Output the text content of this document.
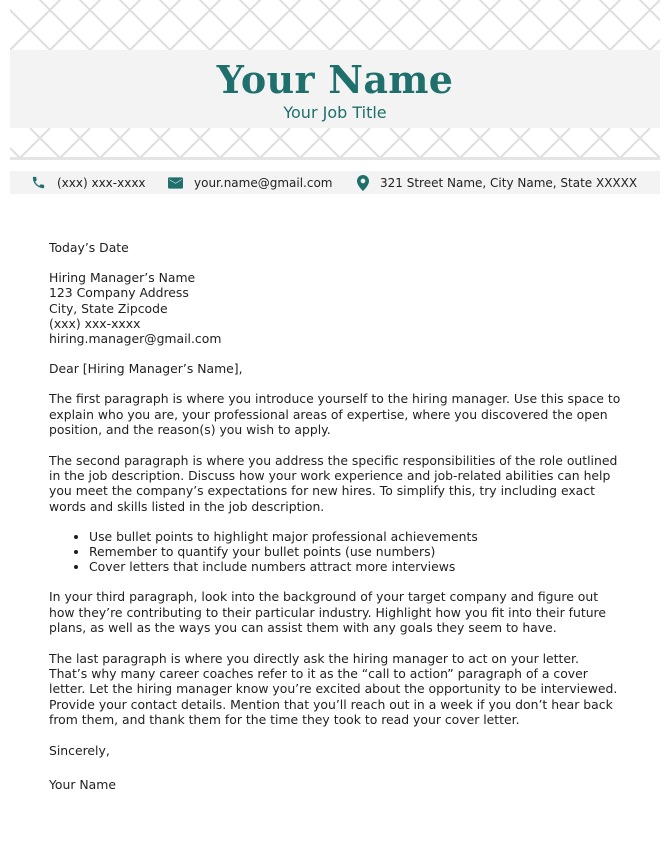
Your Name
Your Job Title
(xxx) xxx-xxxx	your.name@gmail.com	321 Street Name, City Name, State XXXXX

Today’s Date

Hiring Manager’s Name
123 Company Address
City, State Zipcode
(xxx) xxx-xxxx
hiring.manager@gmail.com

Dear [Hiring Manager’s Name],

The first paragraph is where you introduce yourself to the hiring manager. Use this space to explain who you are, your professional areas of expertise, where you discovered the open position, and the reason(s) you wish to apply.

The second paragraph is where you address the specific responsibilities of the role outlined in the job description. Discuss how your work experience and job-related abilities can help you meet the company’s expectations for new hires. To simplify this, try including exact words and skills listed in the job description.

• Use bullet points to highlight major professional achievements
• Remember to quantify your bullet points (use numbers)
• Cover letters that include numbers attract more interviews

In your third paragraph, look into the background of your target company and figure out how they’re contributing to their particular industry. Highlight how you fit into their future plans, as well as the ways you can assist them with any goals they seem to have.

The last paragraph is where you directly ask the hiring manager to act on your letter. That’s why many career coaches refer to it as the “call to action” paragraph of a cover letter. Let the hiring manager know you’re excited about the opportunity to be interviewed. Provide your contact details. Mention that you’ll reach out in a week if you don’t hear back from them, and thank them for the time they took to read your cover letter.

Sincerely,

Your Name
